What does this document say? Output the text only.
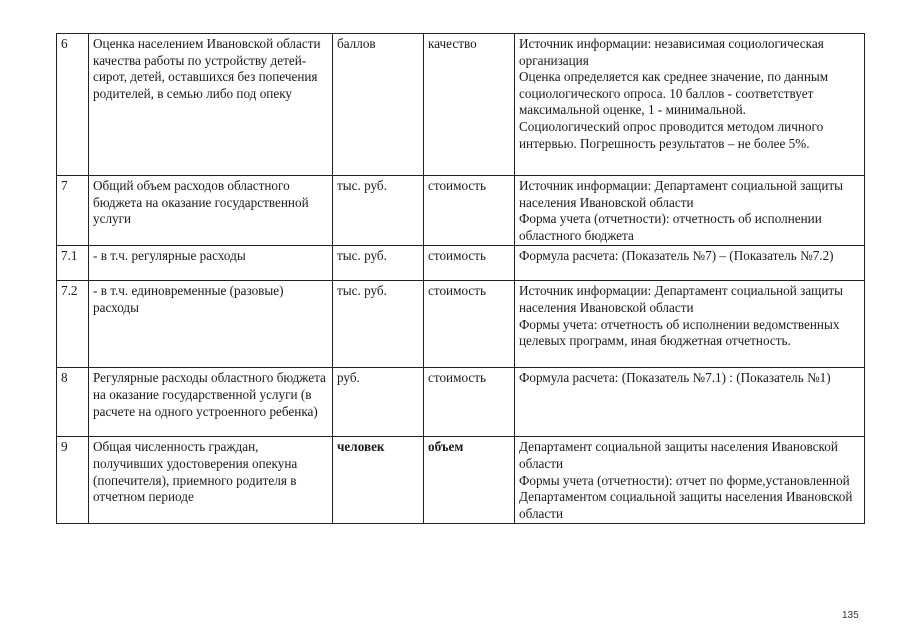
6	Оценка населением Ивановской области качества работы по устройству детей-сирот, детей, оставшихся без попечения родителей, в семью либо под опеку	баллов	качество	Источник информации: независимая социологическая организация
Оценка определяется как среднее значение, по данным социологического опроса. 10 баллов - соответствует максимальной оценке, 1 - минимальной.
Социологический опрос проводится методом личного интервью. Погрешность результатов – не более 5%.

7	Общий объем расходов областного бюджета на оказание государственной услуги	тыс. руб.	стоимость	Источник информации: Департамент социальной защиты населения Ивановской области
Форма учета (отчетности): отчетность об исполнении областного бюджета

7.1	- в т.ч. регулярные расходы	тыс. руб.	стоимость	Формула расчета: (Показатель №7) – (Показатель №7.2)

7.2	- в т.ч. единовременные (разовые) расходы	тыс. руб.	стоимость	Источник информации: Департамент социальной защиты населения Ивановской области
Формы учета: отчетность об исполнении ведомственных целевых программ, иная бюджетная отчетность.

8	Регулярные расходы областного бюджета на оказание государственной услуги (в расчете на одного устроенного ребенка)	руб.	стоимость	Формула расчета: (Показатель №7.1) : (Показатель №1)

9	Общая численность граждан, получивших удостоверения опекуна (попечителя), приемного родителя в отчетном периоде	человек	объем	Департамент социальной защиты населения Ивановской области
Формы учета (отчетности): отчет по форме,установленной Департаментом социальной защиты населения Ивановской области
135
